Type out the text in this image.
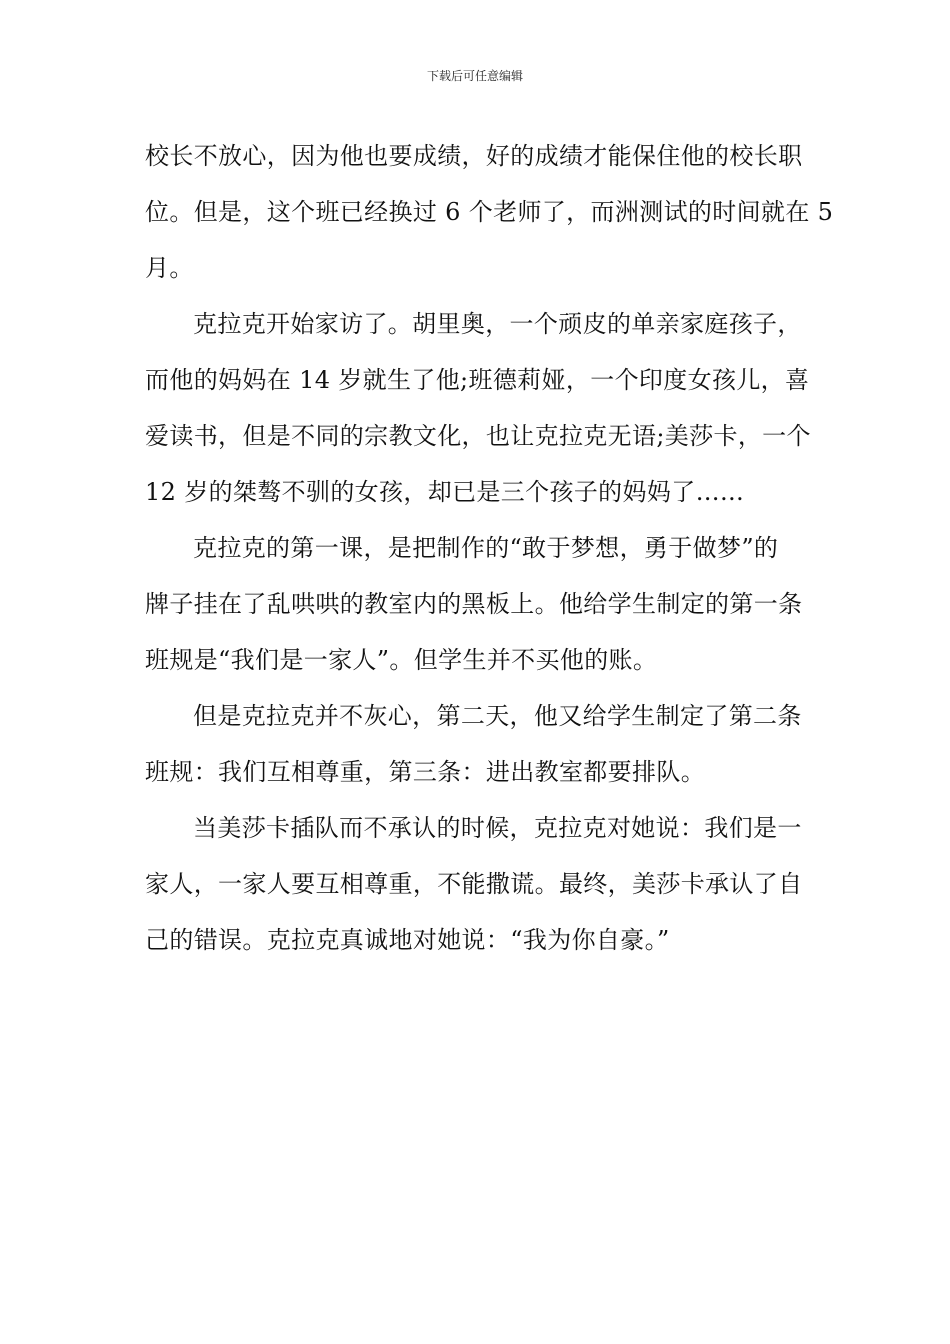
下载后可任意编辑

校长不放心，因为他也要成绩，好的成绩才能保住他的校长职
位。但是，这个班已经换过 6 个老师了，而洲测试的时间就在 5
月。

克拉克开始家访了。胡里奥，一个顽皮的单亲家庭孩子，
而他的妈妈在 14 岁就生了他;班德莉娅，一个印度女孩儿，喜
爱读书，但是不同的宗教文化，也让克拉克无语;美莎卡，一个
12 岁的桀骜不驯的女孩，却已是三个孩子的妈妈了……

克拉克的第一课，是把制作的“敢于梦想，勇于做梦”的
牌子挂在了乱哄哄的教室内的黑板上。他给学生制定的第一条
班规是“我们是一家人”。但学生并不买他的账。

但是克拉克并不灰心，第二天，他又给学生制定了第二条
班规：我们互相尊重，第三条：进出教室都要排队。

当美莎卡插队而不承认的时候，克拉克对她说：我们是一
家人，一家人要互相尊重，不能撒谎。最终，美莎卡承认了自
己的错误。克拉克真诚地对她说：“我为你自豪。”
